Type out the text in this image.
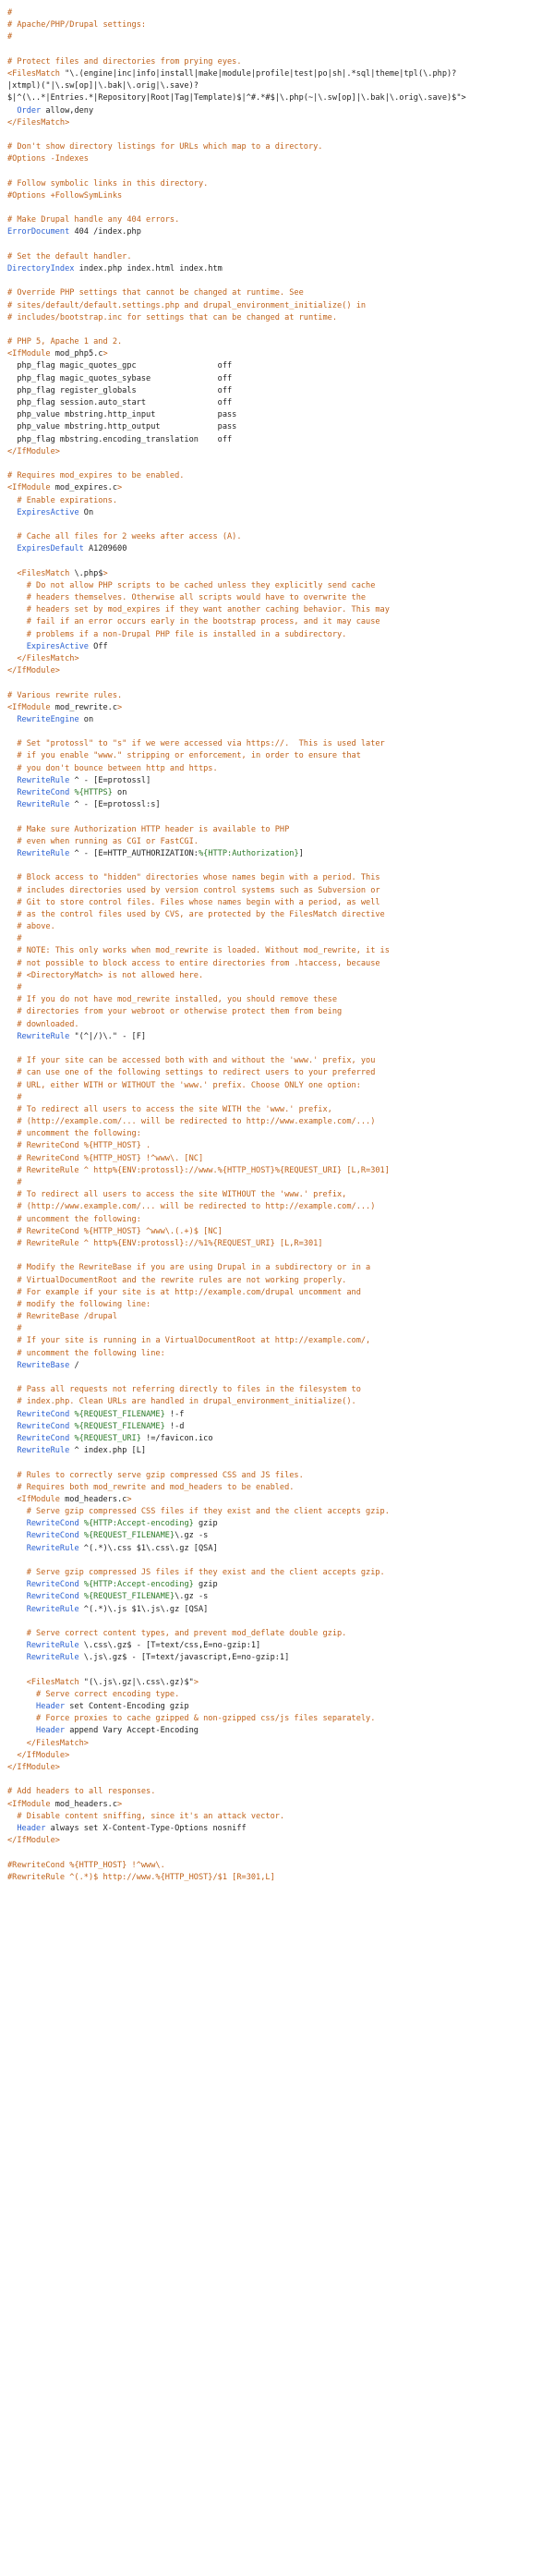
#
# Apache/PHP/Drupal settings:
#

# Protect files and directories from prying eyes.
<FilesMatch "\.(engine|inc|info|install|make|module|profile|test|po|sh|.*sql|theme|tpl(\.php)?
|xtmpl)("|\.sw[op]|\.bak|\.orig|\.save)?
$|^(\..*|Entries.*|Repository|Root|Tag|Template)$|^#.*#$|\.php(~|\.sw[op]|\.bak|\.orig\.save)$">
Order allow,deny
</FilesMatch>

# Don't show directory listings for URLs which map to a directory.
#Options -Indexes

# Follow symbolic links in this directory.
#Options +FollowSymLinks

# Make Drupal handle any 404 errors.
ErrorDocument 404 /index.php

# Set the default handler.
DirectoryIndex index.php index.html index.htm

# Override PHP settings that cannot be changed at runtime. See
# sites/default/default.settings.php and drupal_environment_initialize() in
# includes/bootstrap.inc for settings that can be changed at runtime.

# PHP 5, Apache 1 and 2.
<IfModule mod_php5.c>
php_flag magic_quotes_gpc                 off
php_flag magic_quotes_sybase              off
php_flag register_globals                 off
php_flag session.auto_start               off
php_value mbstring.http_input             pass
php_value mbstring.http_output            pass
php_flag mbstring.encoding_translation    off
</IfModule>

# Requires mod_expires to be enabled.
<IfModule mod_expires.c>
# Enable expirations.
ExpiresActive On

# Cache all files for 2 weeks after access (A).
ExpiresDefault A1209600

<FilesMatch \.php$>
# Do not allow PHP scripts to be cached unless they explicitly send cache
# headers themselves. Otherwise all scripts would have to overwrite the
# headers set by mod_expires if they want another caching behavior. This may
# fail if an error occurs early in the bootstrap process, and it may cause
# problems if a non-Drupal PHP file is installed in a subdirectory.
ExpiresActive Off
</FilesMatch>
</IfModule>

# Various rewrite rules.
<IfModule mod_rewrite.c>
RewriteEngine on

# Set "protossl" to "s" if we were accessed via https://.  This is used later
# if you enable "www." stripping or enforcement, in order to ensure that
# you don't bounce between http and https.
RewriteRule ^ - [E=protossl]
RewriteCond %{HTTPS} on
RewriteRule ^ - [E=protossl:s]

# Make sure Authorization HTTP header is available to PHP
# even when running as CGI or FastCGI.
RewriteRule ^ - [E=HTTP_AUTHORIZATION:%{HTTP:Authorization}]

# Block access to "hidden" directories whose names begin with a period. This
# includes directories used by version control systems such as Subversion or
# Git to store control files. Files whose names begin with a period, as well
# as the control files used by CVS, are protected by the FilesMatch directive
# above.
#
# NOTE: This only works when mod_rewrite is loaded. Without mod_rewrite, it is
# not possible to block access to entire directories from .htaccess, because
# <DirectoryMatch> is not allowed here.
#
# If you do not have mod_rewrite installed, you should remove these
# directories from your webroot or otherwise protect them from being
# downloaded.
RewriteRule "(^|/)\." - [F]

# If your site can be accessed both with and without the 'www.' prefix, you
# can use one of the following settings to redirect users to your preferred
# URL, either WITH or WITHOUT the 'www.' prefix. Choose ONLY one option:
#
# To redirect all users to access the site WITH the 'www.' prefix,
# (http://example.com/... will be redirected to http://www.example.com/...)
# uncomment the following:
# RewriteCond %{HTTP_HOST} .
# RewriteCond %{HTTP_HOST} !^www\. [NC]
# RewriteRule ^ http%{ENV:protossl}://www.%{HTTP_HOST}%{REQUEST_URI} [L,R=301]
#
# To redirect all users to access the site WITHOUT the 'www.' prefix,
# (http://www.example.com/... will be redirected to http://example.com/...)
# uncomment the following:
# RewriteCond %{HTTP_HOST} ^www\.(.+)$ [NC]
# RewriteRule ^ http%{ENV:protossl}://%1%{REQUEST_URI} [L,R=301]

# Modify the RewriteBase if you are using Drupal in a subdirectory or in a
# VirtualDocumentRoot and the rewrite rules are not working properly.
# For example if your site is at http://example.com/drupal uncomment and
# modify the following line:
# RewriteBase /drupal
#
# If your site is running in a VirtualDocumentRoot at http://example.com/,
# uncomment the following line:
RewriteBase /

# Pass all requests not referring directly to files in the filesystem to
# index.php. Clean URLs are handled in drupal_environment_initialize().
RewriteCond %{REQUEST_FILENAME} !-f
RewriteCond %{REQUEST_FILENAME} !-d
RewriteCond %{REQUEST_URI} !=/favicon.ico
RewriteRule ^ index.php [L]

# Rules to correctly serve gzip compressed CSS and JS files.
# Requires both mod_rewrite and mod_headers to be enabled.
<IfModule mod_headers.c>
# Serve gzip compressed CSS files if they exist and the client accepts gzip.
RewriteCond %{HTTP:Accept-encoding} gzip
RewriteCond %{REQUEST_FILENAME}\.gz -s
RewriteRule ^(.*)\.css $1\.css\.gz [QSA]

# Serve gzip compressed JS files if they exist and the client accepts gzip.
RewriteCond %{HTTP:Accept-encoding} gzip
RewriteCond %{REQUEST_FILENAME}\.gz -s
RewriteRule ^(.*)\.js $1\.js\.gz [QSA]

# Serve correct content types, and prevent mod_deflate double gzip.
RewriteRule \.css\.gz$ - [T=text/css,E=no-gzip:1]
RewriteRule \.js\.gz$ - [T=text/javascript,E=no-gzip:1]

<FilesMatch "(\.js\.gz|\.css\.gz)$">
# Serve correct encoding type.
Header set Content-Encoding gzip
# Force proxies to cache gzipped & non-gzipped css/js files separately.
Header append Vary Accept-Encoding
</FilesMatch>
</IfModule>
</IfModule>

# Add headers to all responses.
<IfModule mod_headers.c>
# Disable content sniffing, since it's an attack vector.
Header always set X-Content-Type-Options nosniff
</IfModule>

#RewriteCond %{HTTP_HOST} !^www\.
#RewriteRule ^(.*)$ http://www.%{HTTP_HOST}/$1 [R=301,L]
